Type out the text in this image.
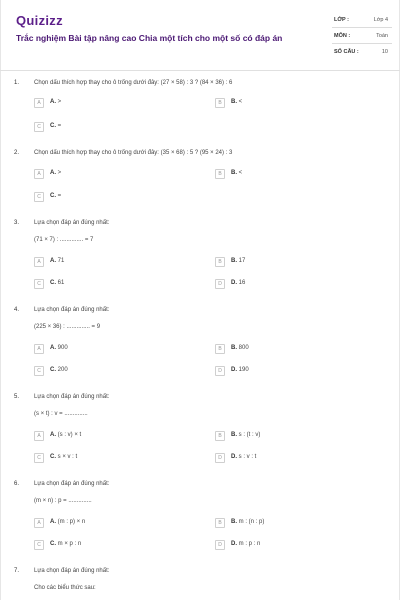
Quizizz
Trắc nghiệm Bài tập nâng cao Chia một tích cho một số có đáp án
LỚP :	Lớp 4
MÔN :	Toán
SỐ CÂU :	10
1. Chọn dấu thích hợp thay cho ô trống dưới đây: (27 × 58) : 3 ? (84 × 36) : 6
A	A. >	B	B. <
C	C. =
2. Chọn dấu thích hợp thay cho ô trống dưới đây: (35 × 68) : 5 ? (95 × 24) : 3
A	A. >	B	B. <
C	C. =
3. Lựa chọn đáp án đúng nhất:
(71 × 7) : .............. = 7
A	A. 71	B	B. 17
C	C. 61	D	D. 16
4. Lựa chọn đáp án đúng nhất:
(225 × 36) : .............. = 9
A	A. 900	B	B. 800
C	C. 200	D	D. 190
5. Lựa chọn đáp án đúng nhất:
(s × t) : v = ..............
A	A. (s : v) × t	B	B. s : (t : v)
C	C. s × v : t	D	D. s : v : t
6. Lựa chọn đáp án đúng nhất:
(m × n) : p = ..............
A	A. (m : p) × n	B	B. m : (n : p)
C	C. m × p : n	D	D. m : p : n
7. Lựa chọn đáp án đúng nhất:
Cho các biểu thức sau:
